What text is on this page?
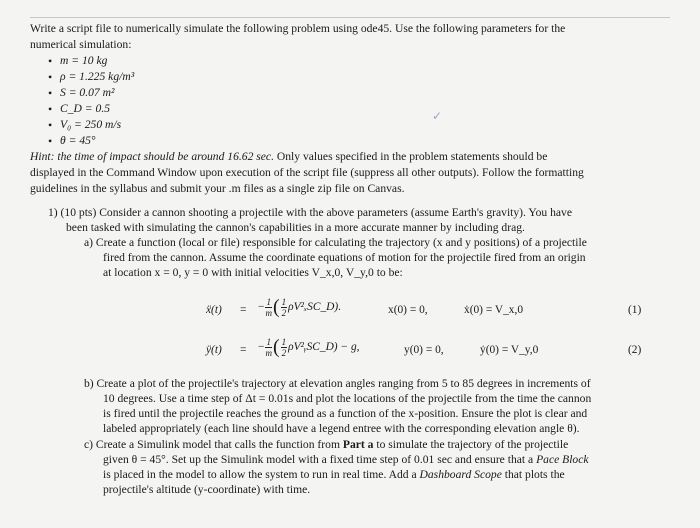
Write a script file to numerically simulate the following problem using ode45. Use the following parameters for the
numerical simulation:
• m = 10 kg
• ρ = 1.225 kg/m³
• S = 0.07 m²
• C_D = 0.5
• V₀ = 250 m/s
• θ = 45°
✓
Hint: the time of impact should be around 16.62 sec. Only values specified in the problem statements should be
displayed in the Command Window upon execution of the script file (suppress all other outputs). Follow the formatting
guidelines in the syllabus and submit your .m files as a single zip file on Canvas.
1) (10 pts) Consider a cannon shooting a projectile with the above parameters (assume Earth's gravity). You have
been tasked with simulating the cannon's capabilities in a more accurate manner by including drag.
a) Create a function (local or file) responsible for calculating the trajectory (x and y positions) of a projectile
fired from the cannon. Assume the coordinate equations of motion for the projectile fired from an origin
at location x = 0, y = 0 with initial velocities V_x,0, V_y,0 to be:
ẍ(t) = − $\frac{1}{m}$ ( $\frac{1}{2}$ ρV²ₓSC_D).	x(0) = 0,	ẋ(0) = V_x,0	(1)
ÿ(t) = − $\frac{1}{m}$ ( $\frac{1}{2}$ ρV²ᵧSC_D) − g,	y(0) = 0,	ẏ(0) = V_y,0	(2)
b) Create a plot of the projectile's trajectory at elevation angles ranging from 5 to 85 degrees in increments of
10 degrees. Use a time step of Δt = 0.01s and plot the locations of the projectile from the time the cannon
is fired until the projectile reaches the ground as a function of the x-position. Ensure the plot is clear and
labeled appropriately (each line should have a legend entree with the corresponding elevation angle θ).
c) Create a Simulink model that calls the function from Part a to simulate the trajectory of the projectile
given θ = 45°. Set up the Simulink model with a fixed time step of 0.01 sec and ensure that a Pace Block
is placed in the model to allow the system to run in real time. Add a Dashboard Scope that plots the
projectile's altitude (y-coordinate) with time.
